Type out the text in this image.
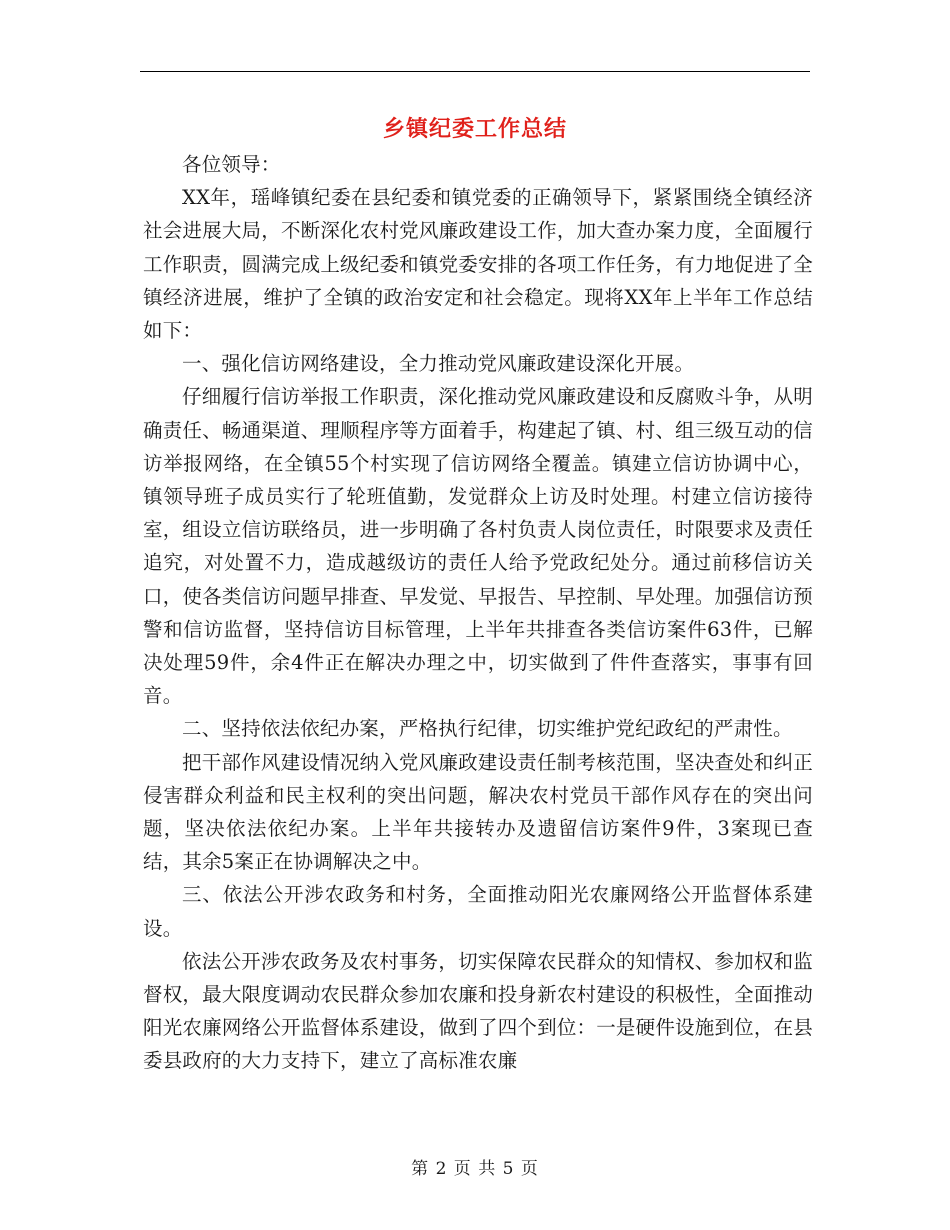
乡镇纪委工作总结

各位领导：

XX年，瑶峰镇纪委在县纪委和镇党委的正确领导下，紧紧围绕全镇经济社会进展大局，不断深化农村党风廉政建设工作，加大查办案力度，全面履行工作职责，圆满完成上级纪委和镇党委安排的各项工作任务，有力地促进了全镇经济进展，维护了全镇的政治安定和社会稳定。现将XX年上半年工作总结如下：

一、强化信访网络建设，全力推动党风廉政建设深化开展。

仔细履行信访举报工作职责，深化推动党风廉政建设和反腐败斗争，从明确责任、畅通渠道、理顺程序等方面着手，构建起了镇、村、组三级互动的信访举报网络，在全镇55个村实现了信访网络全覆盖。镇建立信访协调中心，镇领导班子成员实行了轮班值勤，发觉群众上访及时处理。村建立信访接待室，组设立信访联络员，进一步明确了各村负责人岗位责任，时限要求及责任追究，对处置不力，造成越级访的责任人给予党政纪处分。通过前移信访关口，使各类信访问题早排查、早发觉、早报告、早控制、早处理。加强信访预警和信访监督，坚持信访目标管理，上半年共排查各类信访案件63件，已解决处理59件，余4件正在解决办理之中，切实做到了件件查落实，事事有回音。

二、坚持依法依纪办案，严格执行纪律，切实维护党纪政纪的严肃性。

把干部作风建设情况纳入党风廉政建设责任制考核范围，坚决查处和纠正侵害群众利益和民主权利的突出问题，解决农村党员干部作风存在的突出问题，坚决依法依纪办案。上半年共接转办及遗留信访案件9件，3案现已查结，其余5案正在协调解决之中。

三、依法公开涉农政务和村务，全面推动阳光农廉网络公开监督体系建设。

依法公开涉农政务及农村事务，切实保障农民群众的知情权、参加权和监督权，最大限度调动农民群众参加农廉和投身新农村建设的积极性，全面推动阳光农廉网络公开监督体系建设，做到了四个到位：一是硬件设施到位，在县委县政府的大力支持下，建立了高标准农廉

第 2 页 共 5 页
